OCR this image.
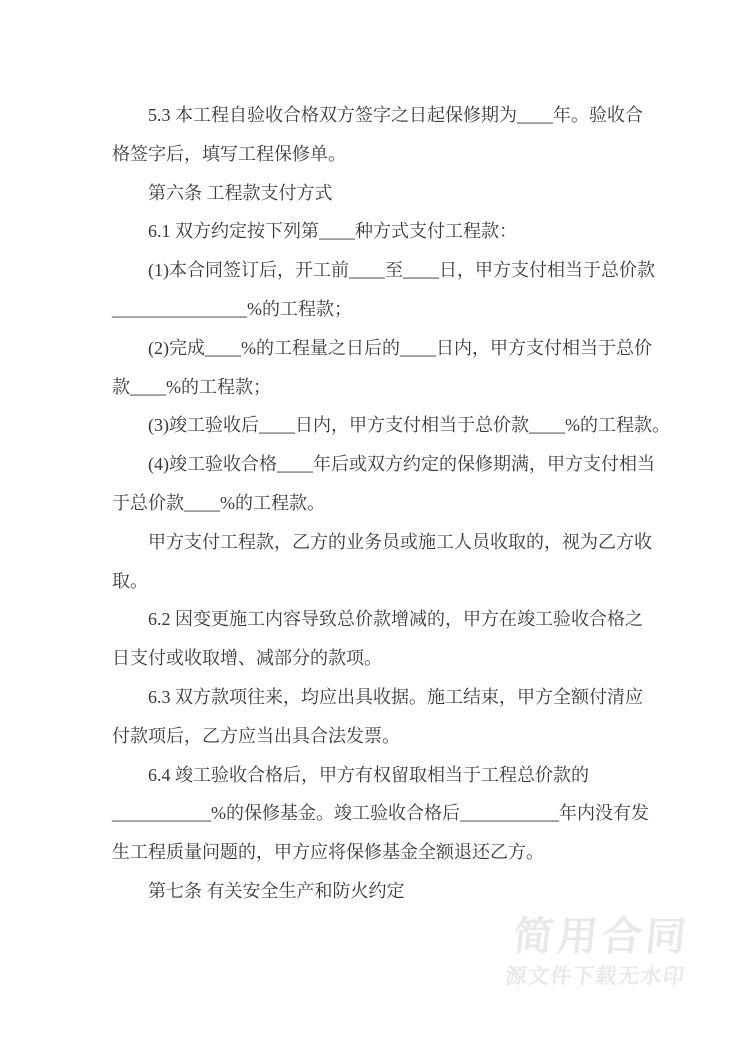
5.3 本工程自验收合格双方签字之日起保修期为____年。验收合
格签字后，填写工程保修单。
第六条 工程款支付方式
6.1 双方约定按下列第____种方式支付工程款：
(1)本合同签订后，开工前____至____日，甲方支付相当于总价款
_______________%的工程款；
(2)完成____%的工程量之日后的____日内，甲方支付相当于总价
款____%的工程款；
(3)竣工验收后____日内，甲方支付相当于总价款____%的工程款。
(4)竣工验收合格____年后或双方约定的保修期满，甲方支付相当
于总价款____%的工程款。
甲方支付工程款，乙方的业务员或施工人员收取的，视为乙方收
取。
6.2 因变更施工内容导致总价款增减的，甲方在竣工验收合格之
日支付或收取增、减部分的款项。
6.3 双方款项往来，均应出具收据。施工结束，甲方全额付清应
付款项后，乙方应当出具合法发票。
6.4 竣工验收合格后，甲方有权留取相当于工程总价款的
___________%的保修基金。竣工验收合格后___________年内没有发
生工程质量问题的，甲方应将保修基金全额退还乙方。
第七条 有关安全生产和防火约定
简用合同
源文件下载无水印
